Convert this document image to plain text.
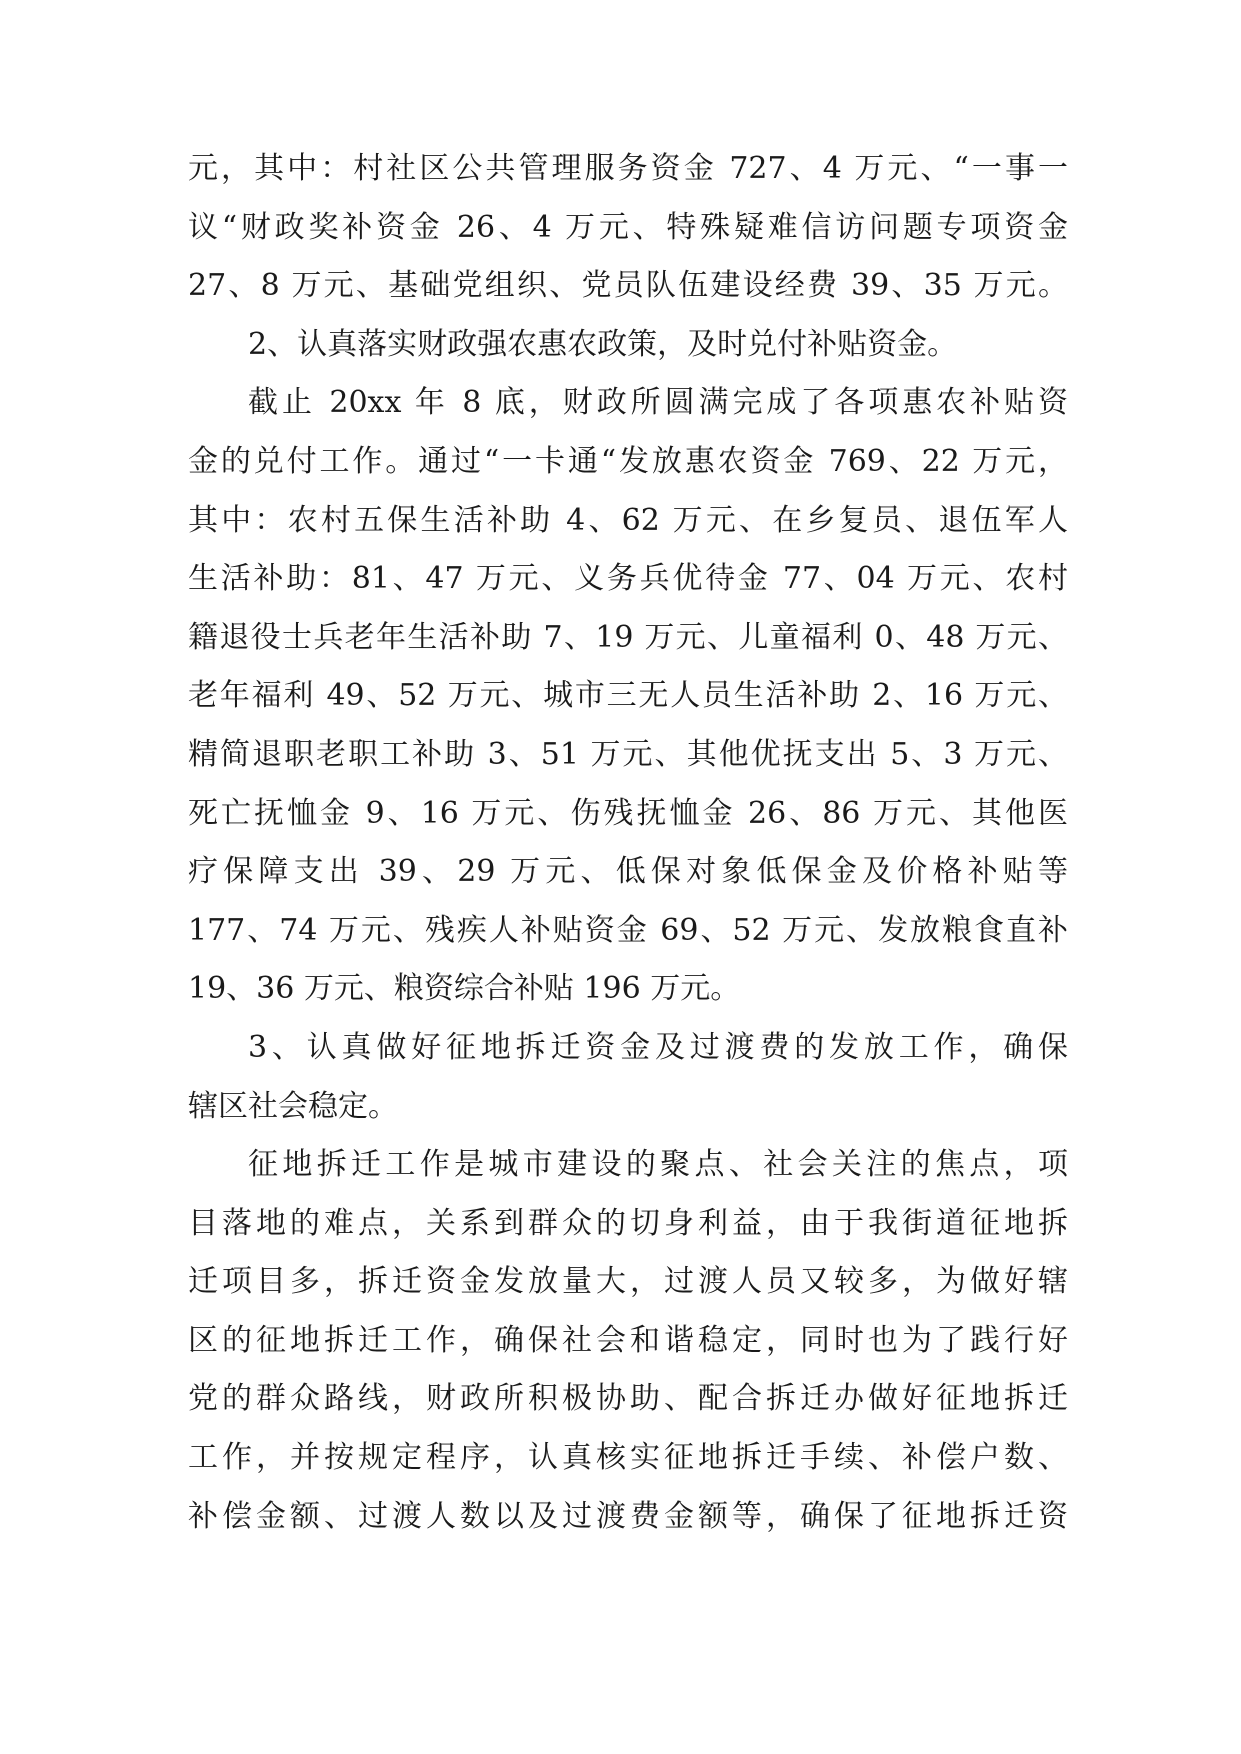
元，其中：村社区公共管理服务资金 727、4 万元、“一事一
议“财政奖补资金 26、4 万元、特殊疑难信访问题专项资金
27、8 万元、基础党组织、党员队伍建设经费 39、35 万元。
2、认真落实财政强农惠农政策，及时兑付补贴资金。
截止 20xx 年 8 底，财政所圆满完成了各项惠农补贴资
金的兑付工作。通过“一卡通“发放惠农资金 769、22 万元，
其中：农村五保生活补助 4、62 万元、在乡复员、退伍军人
生活补助：81、47 万元、义务兵优待金 77、04 万元、农村
籍退役士兵老年生活补助 7、19 万元、儿童福利 0、48 万元、
老年福利 49、52 万元、城市三无人员生活补助 2、16 万元、
精简退职老职工补助 3、51 万元、其他优抚支出 5、3 万元、
死亡抚恤金 9、16 万元、伤残抚恤金 26、86 万元、其他医
疗保障支出 39、29 万元、低保对象低保金及价格补贴等
177、74 万元、残疾人补贴资金 69、52 万元、发放粮食直补
19、36 万元、粮资综合补贴 196 万元。
3、认真做好征地拆迁资金及过渡费的发放工作，确保
辖区社会稳定。
征地拆迁工作是城市建设的聚点、社会关注的焦点，项
目落地的难点，关系到群众的切身利益，由于我街道征地拆
迁项目多，拆迁资金发放量大，过渡人员又较多，为做好辖
区的征地拆迁工作，确保社会和谐稳定，同时也为了践行好
党的群众路线，财政所积极协助、配合拆迁办做好征地拆迁
工作，并按规定程序，认真核实征地拆迁手续、补偿户数、
补偿金额、过渡人数以及过渡费金额等，确保了征地拆迁资
